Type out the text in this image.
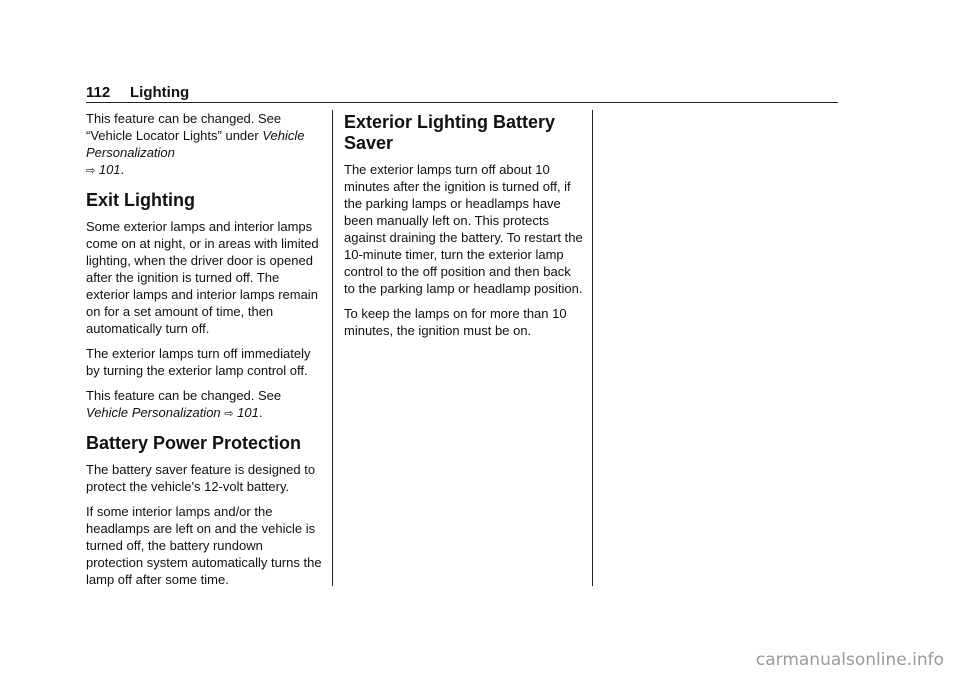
112 Lighting

This feature can be changed. See “Vehicle Locator Lights” under Vehicle Personalization
⇨ 101.

Exit Lighting

Some exterior lamps and interior lamps come on at night, or in areas with limited lighting, when the driver door is opened after the ignition is turned off. The exterior lamps and interior lamps remain on for a set amount of time, then automatically turn off.

The exterior lamps turn off immediately by turning the exterior lamp control off.

This feature can be changed. See Vehicle Personalization ⇨ 101.

Battery Power Protection

The battery saver feature is designed to protect the vehicle's 12-volt battery.

If some interior lamps and/or the headlamps are left on and the vehicle is turned off, the battery rundown protection system automatically turns the lamp off after some time.

Exterior Lighting Battery Saver

The exterior lamps turn off about 10 minutes after the ignition is turned off, if the parking lamps or headlamps have been manually left on. This protects against draining the battery. To restart the 10-minute timer, turn the exterior lamp control to the off position and then back to the parking lamp or headlamp position.

To keep the lamps on for more than 10 minutes, the ignition must be on.

carmanualsonline.info
